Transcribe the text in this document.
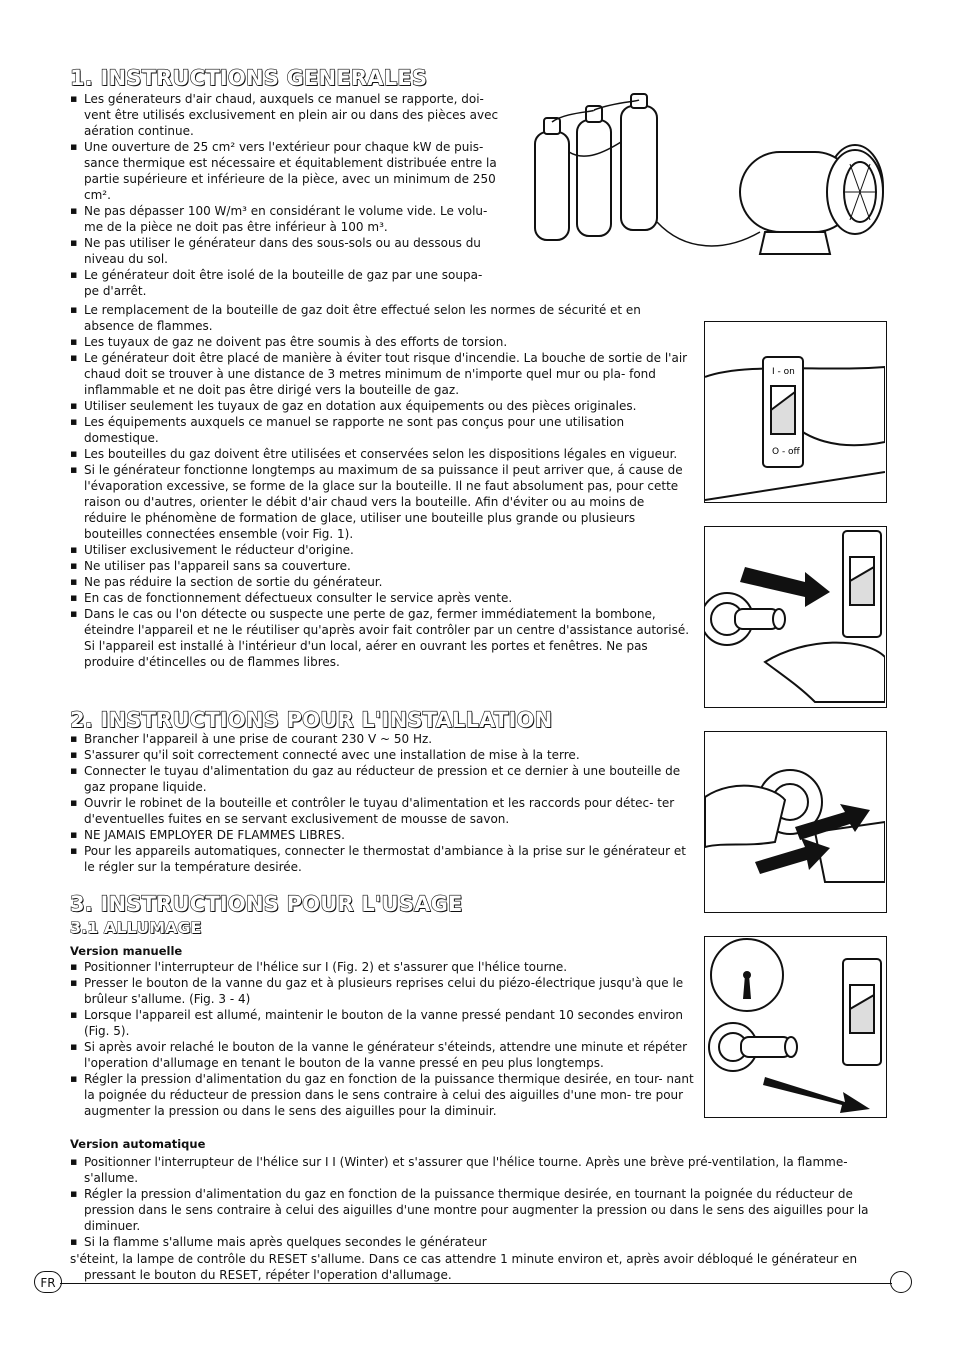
1. INSTRUCTIONS GENERALES
▪ Les génerateurs d'air chaud, auxquels ce manuel se rapporte, doi- vent être utilisés exclusivement en plein air ou dans des pièces avec aération continue.
▪ Une ouverture de 25 cm² vers l'extérieur pour chaque kW de puis- sance thermique est nécessaire et équitablement distribuée entre la partie supérieure et inférieure de la pièce, avec un minimum de 250 cm².
▪ Ne pas dépasser 100 W/m³ en considérant le volume vide. Le volu- me de la pièce ne doit pas être inférieur à 100 m³.
▪ Ne pas utiliser le générateur dans des sous-sols ou au dessous du niveau du sol.
▪ Le générateur doit être isolé de la bouteille de gaz par une soupa- pe d'arrêt.
▪ Le remplacement de la bouteille de gaz doit être effectué selon les normes de sécurité et en absence de flammes.
▪ Les tuyaux de gaz ne doivent pas être soumis à des efforts de torsion.
▪ Le générateur doit être placé de manière à éviter tout risque d'incendie. La bouche de sortie de l'air chaud doit se trouver à une distance de 3 metres minimum de n'importe quel mur ou pla- fond inflammable et ne doit pas être dirigé vers la bouteille de gaz.
▪ Utiliser seulement les tuyaux de gaz en dotation aux équipements ou des pièces originales.
▪ Les équipements auxquels ce manuel se rapporte ne sont pas conçus pour une utilisation domestique.
▪ Les bouteilles du gaz doivent être utilisées et conservées selon les dispositions légales en vigueur.
▪ Si le générateur fonctionne longtemps au maximum de sa puissance il peut arriver que, á cause de l'évaporation excessive, se forme de la glace sur la bouteille. Il ne faut absolument pas, pour cette raison ou d'autres, orienter le débit d'air chaud vers la bouteille. Afin d'éviter ou au moins de réduire le phénomène de formation de glace, utiliser une bouteille plus grande ou plusieurs bouteilles connectées ensemble (voir Fig. 1).
▪ Utiliser exclusivement le réducteur d'origine.
▪ Ne utiliser pas l'appareil sans sa couverture.
▪ Ne pas réduire la section de sortie du générateur.
▪ En cas de fonctionnement défectueux consulter le service après vente.
▪ Dans le cas ou l'on détecte ou suspecte une perte de gaz, fermer immédiatement la bombone, éteindre l'appareil et ne le réutiliser qu'après avoir fait contrôler par un centre d'assistance autorisé. Si l'appareil est installé à l'intérieur d'un local, aérer en ouvrant les portes et fenêtres. Ne pas produire d'étincelles ou de flammes libres.
I - on
O - off
2. INSTRUCTIONS POUR L'INSTALLATION
▪ Brancher l'appareil à une prise de courant 230 V ~ 50 Hz.
▪ S'assurer qu'il soit correctement connecté avec une installation de mise à la terre.
▪ Connecter le tuyau d'alimentation du gaz au réducteur de pression et ce dernier à une bouteille de gaz propane liquide.
▪ Ouvrir le robinet de la bouteille et contrôler le tuyau d'alimentation et les raccords pour détec- ter d'eventuelles fuites en se servant exclusivement de mousse de savon.
▪ NE JAMAIS EMPLOYER DE FLAMMES LIBRES.
▪ Pour les appareils automatiques, connecter le thermostat d'ambiance à la prise sur le générateur et le régler sur la température desirée.
3. INSTRUCTIONS POUR L'USAGE
3.1 ALLUMAGE
Version manuelle
▪ Positionner l'interrupteur de l'hélice sur I (Fig. 2) et s'assurer que l'hélice tourne.
▪ Presser le bouton de la vanne du gaz et à plusieurs reprises celui du piézo-électrique jusqu'à que le brûleur s'allume. (Fig. 3 - 4)
▪ Lorsque l'appareil est allumé, maintenir le bouton de la vanne pressé pendant 10 secondes environ (Fig. 5).
▪ Si après avoir relaché le bouton de la vanne le générateur s'éteinds, attendre une minute et répéter l'operation d'allumage en tenant le bouton de la vanne pressé en peu plus longtemps.
▪ Régler la pression d'alimentation du gaz en fonction de la puissance thermique desirée, en tour- nant la poignée du réducteur de pression dans le sens contraire à celui des aiguilles d'une mon- tre pour augmenter la pression ou dans le sens des aiguilles pour la diminuir.
Version automatique
▪ Positionner l'interrupteur de l'hélice sur I I (Winter) et s'assurer que l'hélice tourne. Après une brève pré-ventilation, la flamme- s'allume.
▪ Régler la pression d'alimentation du gaz en fonction de la puissance thermique desirée, en tournant la poignée du réducteur de pression dans le sens contraire à celui des aiguilles d'une montre pour augmenter la pression ou dans le sens des aiguilles pour la diminuer.
▪ Si la flamme s'allume mais après quelques secondes le générateur

s'éteint, la lampe de contrôle du RESET s'allume. Dans ce cas attendre 1 minute environ et, après avoir débloqué le générateur en

pressant le bouton du RESET, répéter l'operation d'allumage.

FR
